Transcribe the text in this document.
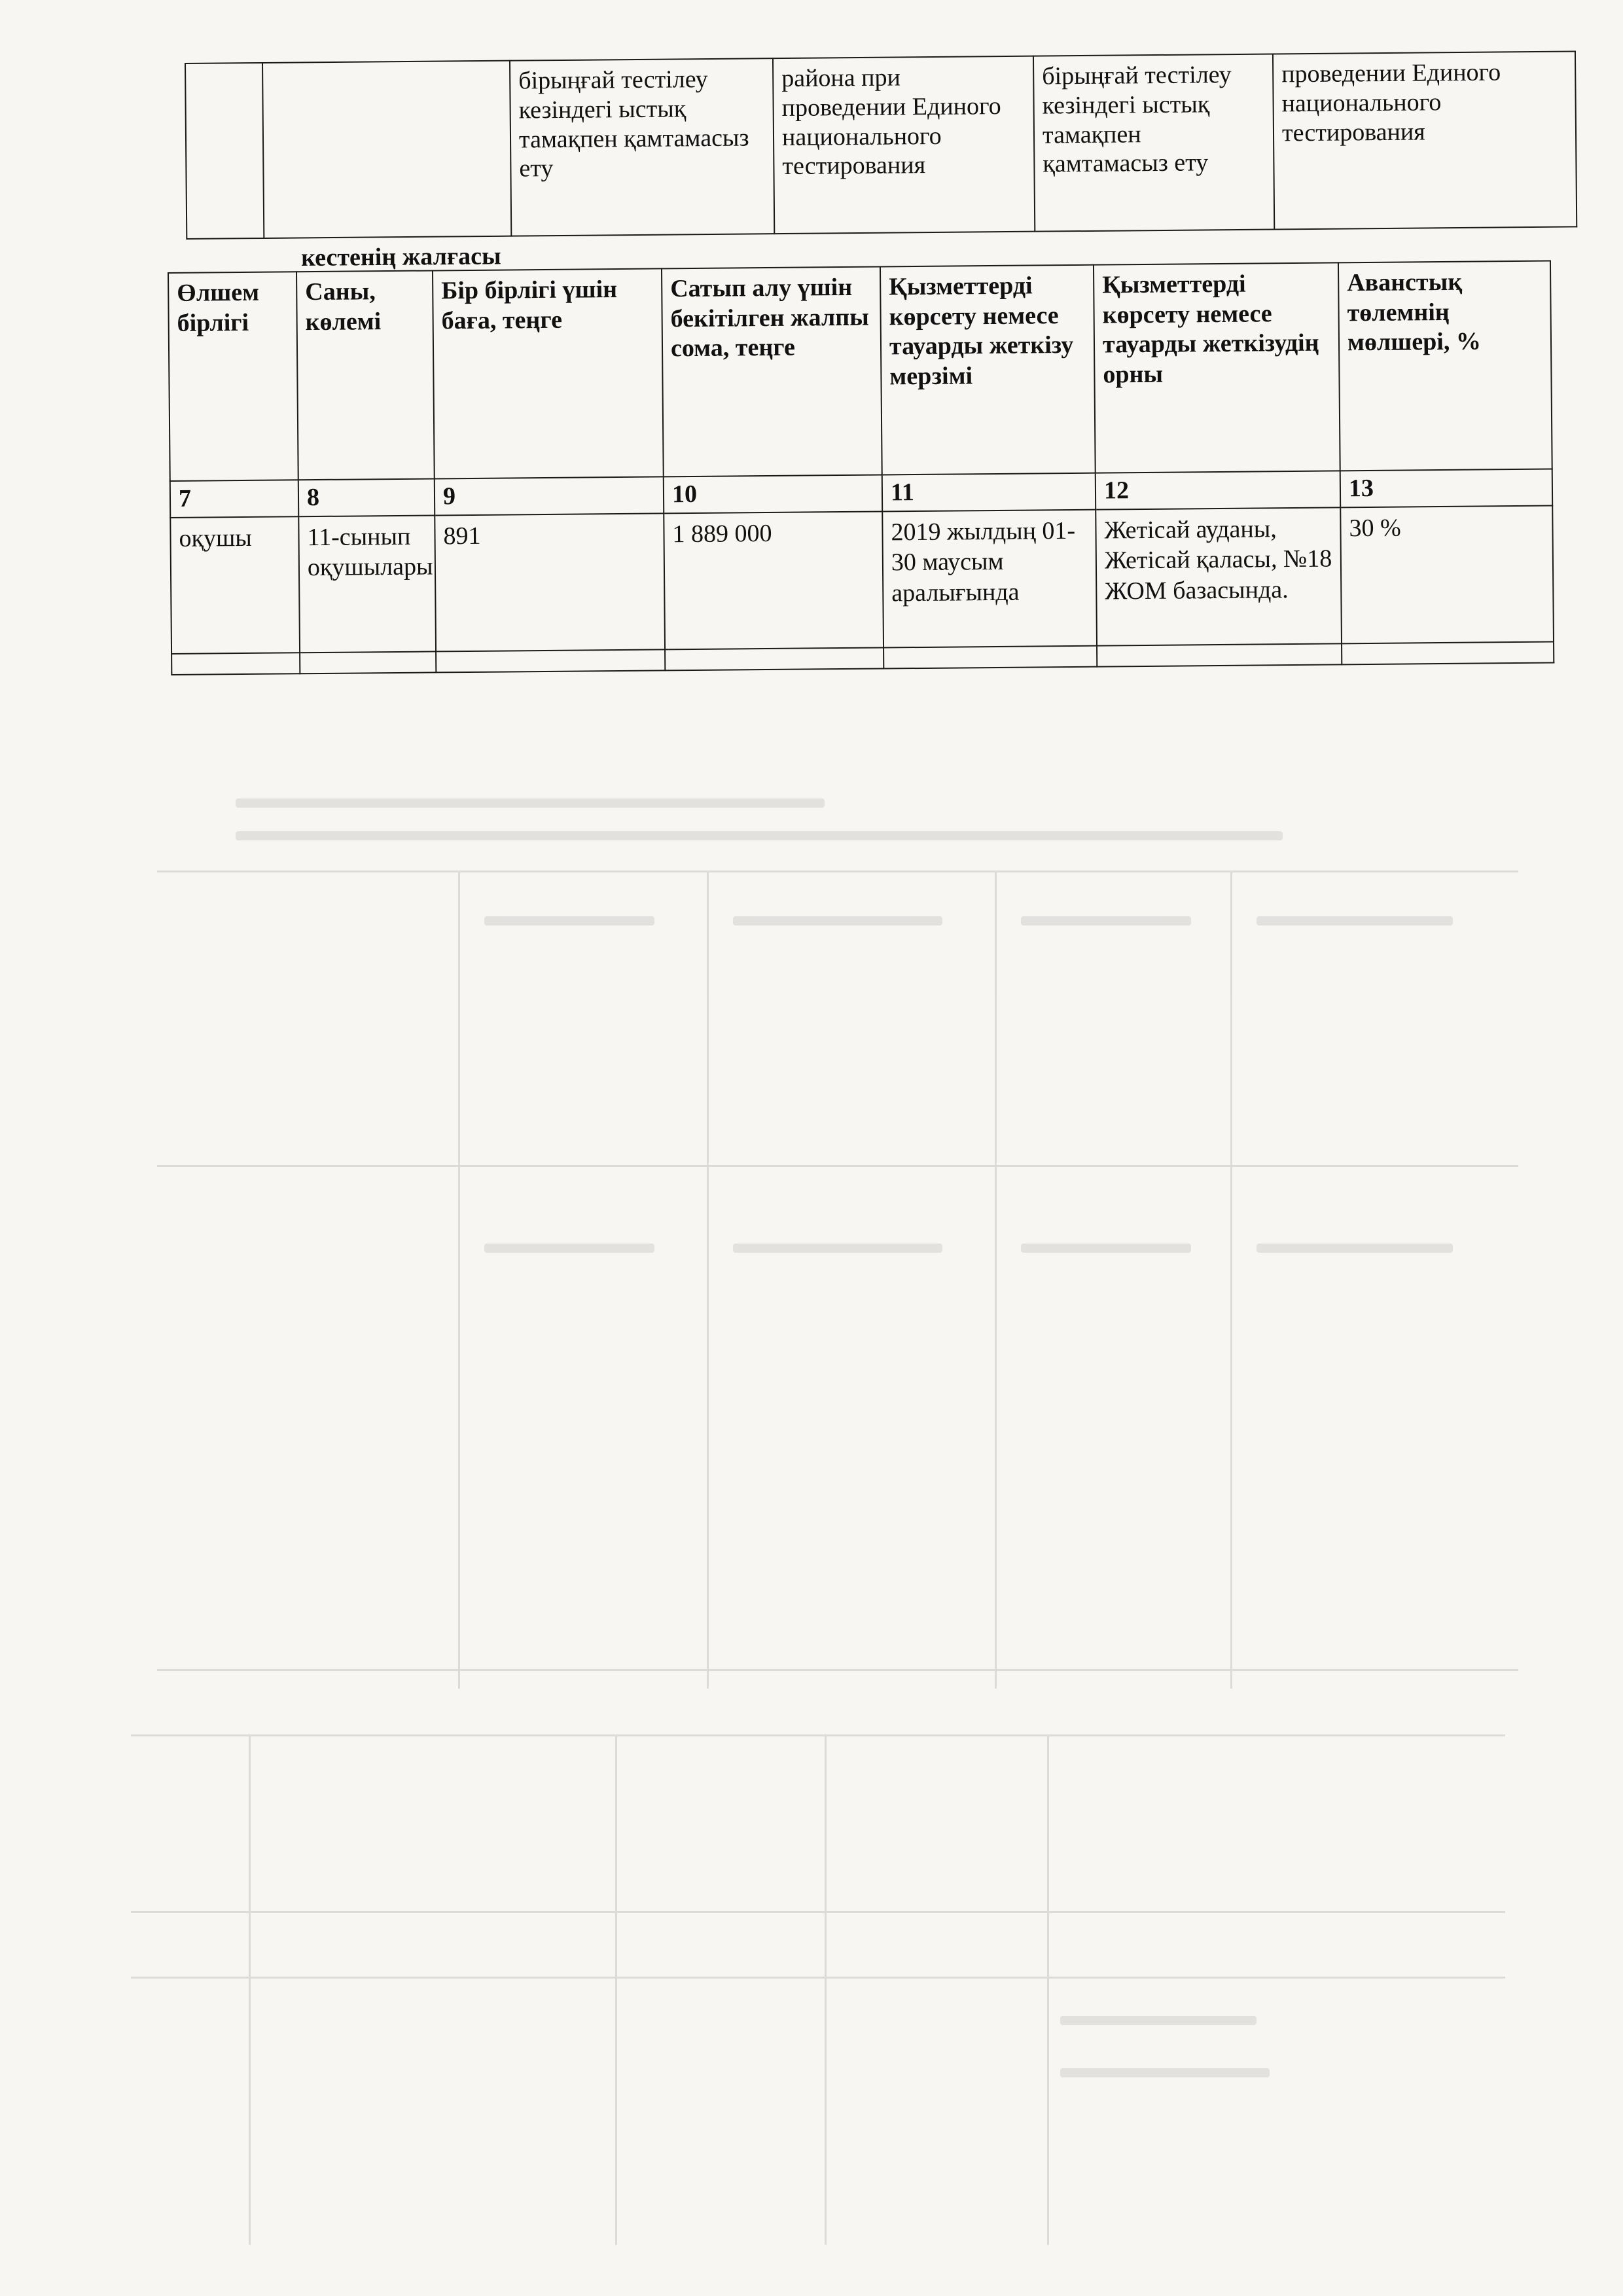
		бірыңғай тестілеу кезіндегі ыстық тамақпен қамтамасыз ету	района при проведении Единого национального тестирования	бірыңғай тестілеу кезіндегі ыстық тамақпен қамтамасыз ету	проведении Единого национального тестирования
кестенің жалғасы
Өлшем бірлігі	Саны, көлемі	Бір бірлігі үшін баға, теңге	Сатып алу үшін бекітілген жалпы сома, теңге	Қызметтерді көрсету немесе тауарды жеткізу мерзімі	Қызметтерді көрсету немесе тауарды жеткізудің орны	Аванстық төлемнің мөлшері, %
7	8	9	10	11	12	13
оқушы	11-сынып оқушылары	891	1 889 000	2019 жылдың 01-30 маусым аралығында	Жетісай ауданы, Жетісай қаласы, №18 ЖОМ базасында.	30 %
